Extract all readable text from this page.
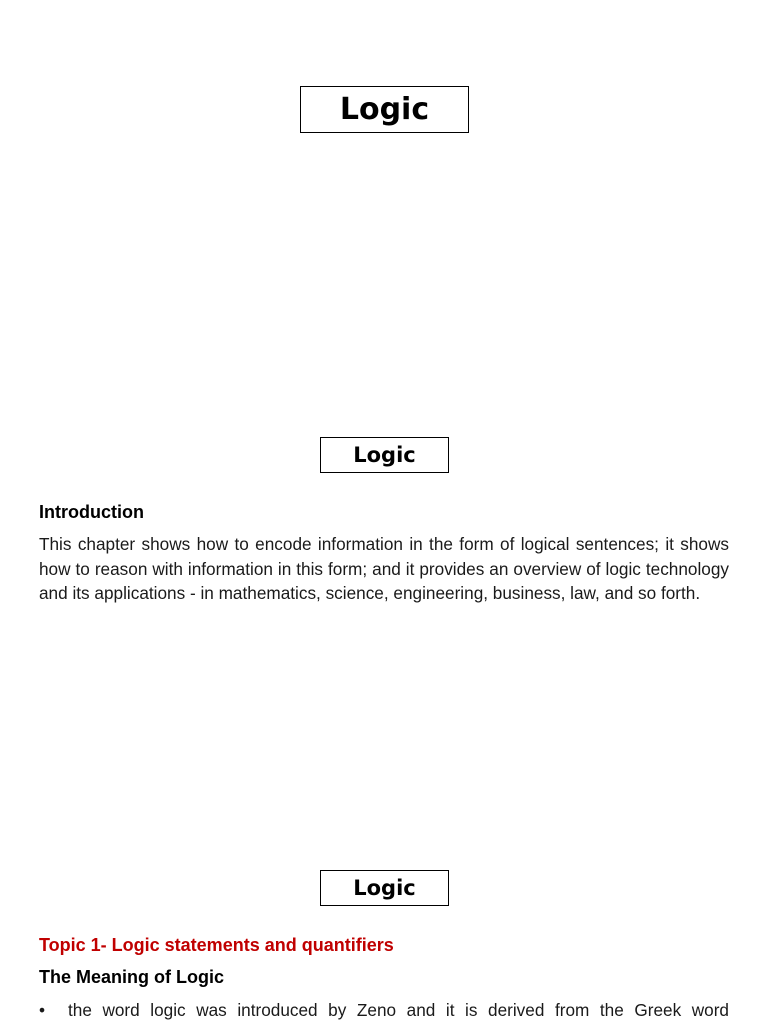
Logic
Logic
Introduction

This chapter shows how to encode information in the form of logical sentences; it shows how to reason with information in this form; and it provides an overview of logic technology and its applications - in mathematics, science, engineering, business, law, and so forth.

Logic
Topic 1- Logic statements and quantifiers
The Meaning of Logic
• the word logic was introduced by Zeno and it is derived from the Greek word
